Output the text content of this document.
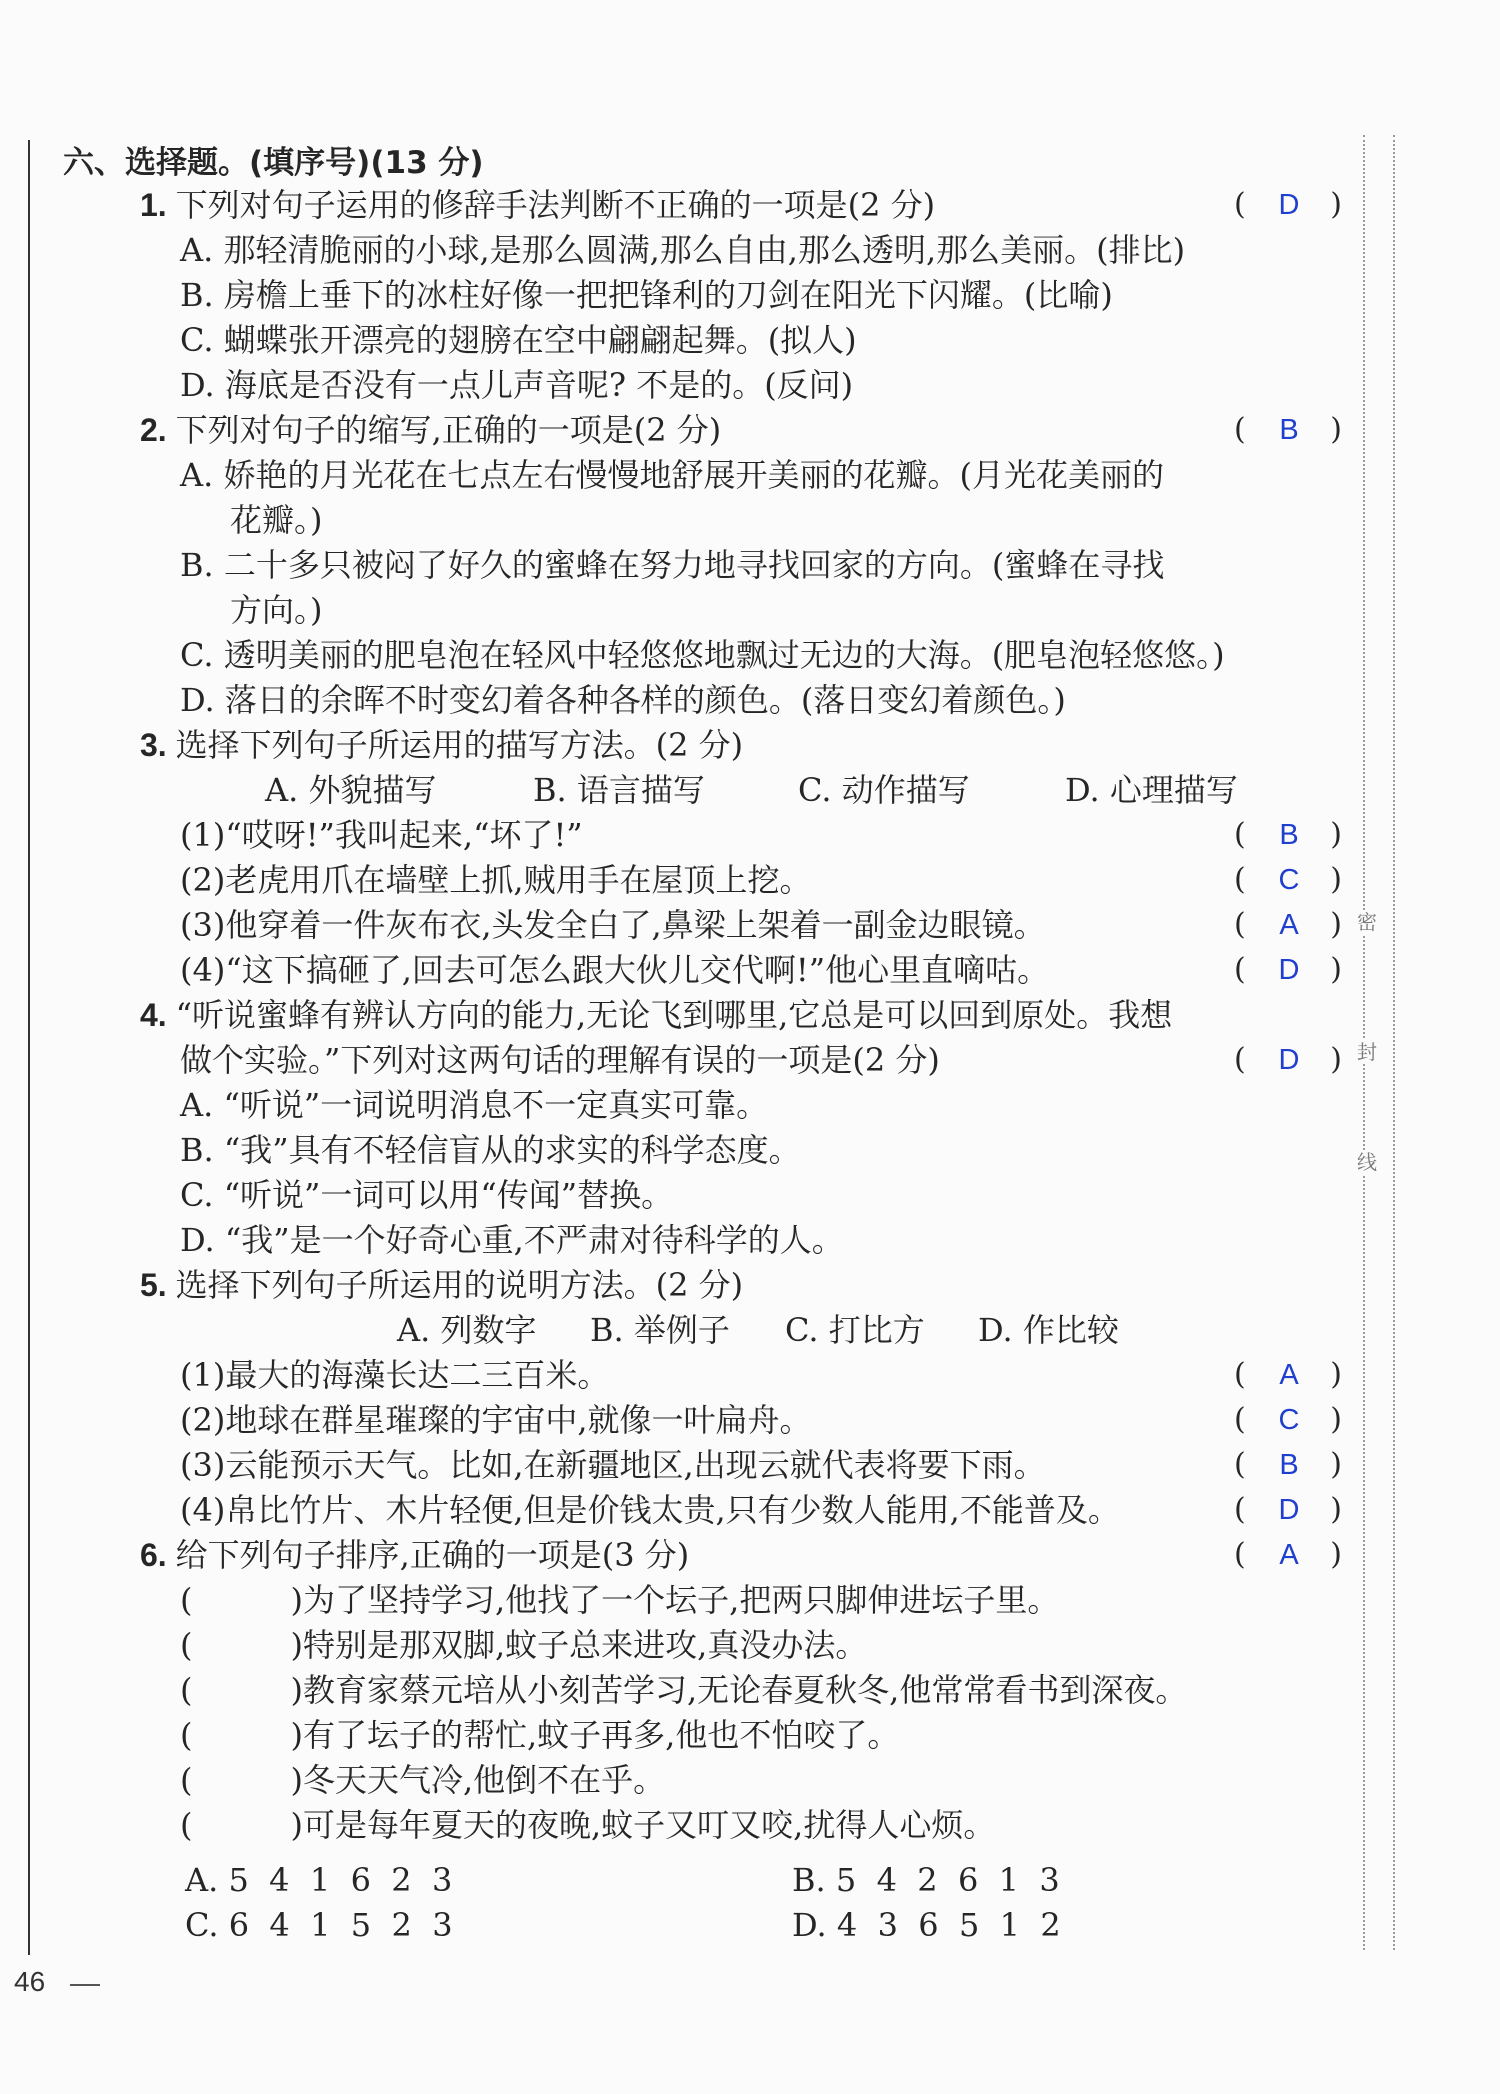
密
封
线
六、选择题。(填序号)(13 分)
1. 下列对句子运用的修辞手法判断不正确的一项是(2 分)	( D )
A. 那轻清脆丽的小球,是那么圆满,那么自由,那么透明,那么美丽。(排比)
B. 房檐上垂下的冰柱好像一把把锋利的刀剑在阳光下闪耀。(比喻)
C. 蝴蝶张开漂亮的翅膀在空中翩翩起舞。(拟人)
D. 海底是否没有一点儿声音呢? 不是的。(反问)
2. 下列对句子的缩写,正确的一项是(2 分)	( B )
A. 娇艳的月光花在七点左右慢慢地舒展开美丽的花瓣。(月光花美丽的
花瓣。)
B. 二十多只被闷了好久的蜜蜂在努力地寻找回家的方向。(蜜蜂在寻找
方向。)
C. 透明美丽的肥皂泡在轻风中轻悠悠地飘过无边的大海。(肥皂泡轻悠悠。)
D. 落日的余晖不时变幻着各种各样的颜色。(落日变幻着颜色。)
3. 选择下列句子所运用的描写方法。(2 分)
A. 外貌描写	B. 语言描写	C. 动作描写	D. 心理描写
(1)“哎呀!”我叫起来,“坏了!”	( B )
(2)老虎用爪在墙壁上抓,贼用手在屋顶上挖。	( C )
(3)他穿着一件灰布衣,头发全白了,鼻梁上架着一副金边眼镜。	( A )
(4)“这下搞砸了,回去可怎么跟大伙儿交代啊!”他心里直嘀咕。	( D )
4. “听说蜜蜂有辨认方向的能力,无论飞到哪里,它总是可以回到原处。我想
做个实验。”下列对这两句话的理解有误的一项是(2 分)	( D )
A. “听说”一词说明消息不一定真实可靠。
B. “我”具有不轻信盲从的求实的科学态度。
C. “听说”一词可以用“传闻”替换。
D. “我”是一个好奇心重,不严肃对待科学的人。
5. 选择下列句子所运用的说明方法。(2 分)
A. 列数字 B. 举例子 C. 打比方 D. 作比较
(1)最大的海藻长达二三百米。	( A )
(2)地球在群星璀璨的宇宙中,就像一叶扁舟。	( C )
(3)云能预示天气。比如,在新疆地区,出现云就代表将要下雨。	( B )
(4)帛比竹片、木片轻便,但是价钱太贵,只有少数人能用,不能普及。	( D )
6. 给下列句子排序,正确的一项是(3 分)	( A )
(	)为了坚持学习,他找了一个坛子,把两只脚伸进坛子里。
(	)特别是那双脚,蚊子总来进攻,真没办法。
(	)教育家蔡元培从小刻苦学习,无论春夏秋冬,他常常看书到深夜。
(	)有了坛子的帮忙,蚊子再多,他也不怕咬了。
(	)冬天天气冷,他倒不在乎。
(	)可是每年夏天的夜晚,蚊子又叮又咬,扰得人心烦。
A. 5  4  1  6  2  3	B. 5  4  2  6  1  3
C. 6  4  1  5  2  3	D. 4  3  6  5  1  2
46
